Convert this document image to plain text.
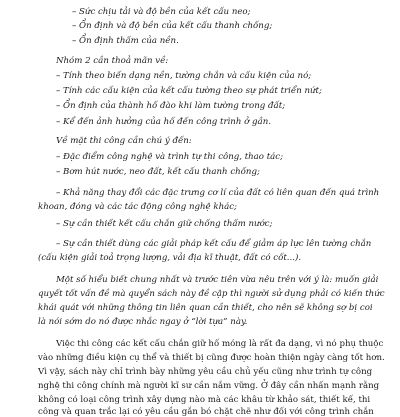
– Sức chịu tải và độ bền của kết cấu neo;
– Ổn định và độ bền của kết cấu thanh chống;
– Ổn định thấm của nền.
Nhóm 2 cần thoả mãn về:
– Tính theo biến dạng nền, tường chắn và cấu kiện của nó;
– Tính các cấu kiện của kết cấu tường theo sự phát triển nứt;
– Ổn định của thành hố đào khi làm tường trong đất;
– Kể đến ảnh hưởng của hố đến công trình ở gần.
Về mặt thi công cần chú ý đến:
– Đặc điểm công nghệ và trình tự thi công, thao tác;
– Bơm hút nước, neo đất, kết cấu thanh chống;
– Khả năng thay đổi các đặc trưng cơ lí của đất có liên quan đến quá trình
khoan, đóng và các tác động công nghệ khác;
– Sự cần thiết kết cấu chắn giữ chống thấm nước;
– Sự cần thiết dùng các giải pháp kết cấu để giảm áp lực lên tường chắn
(cấu kiện giải toả trọng lượng, vải địa kĩ thuật, đất có cốt...).
Một số hiểu biết chung nhất và trước tiên vừa nêu trên với ý là: muốn giải
quyết tốt vấn đề mà quyển sách này đề cập thì người sử dụng phải có kiến thức
khái quát với những thông tin liên quan cần thiết, cho nên sẽ không sợ bị coi
là nói sớm do nó được nhắc ngay ở “lời tựa” này.
Việc thi công các kết cấu chắn giữ hố móng là rất đa dạng, vì nó phụ thuộc
vào những điều kiện cụ thể và thiết bị cũng được hoàn thiện ngày càng tốt hơn.
Vì vậy, sách này chỉ trình bày những yêu cầu chủ yếu cũng như trình tự công
nghệ thi công chính mà người kĩ sư cần nắm vững. Ở đây cần nhấn mạnh rằng
không có loại công trình xây dựng nào mà các khâu từ khảo sát, thiết kế, thi
công và quan trắc lại có yêu cầu gắn bó chặt chẽ như đối với công trình chắn
